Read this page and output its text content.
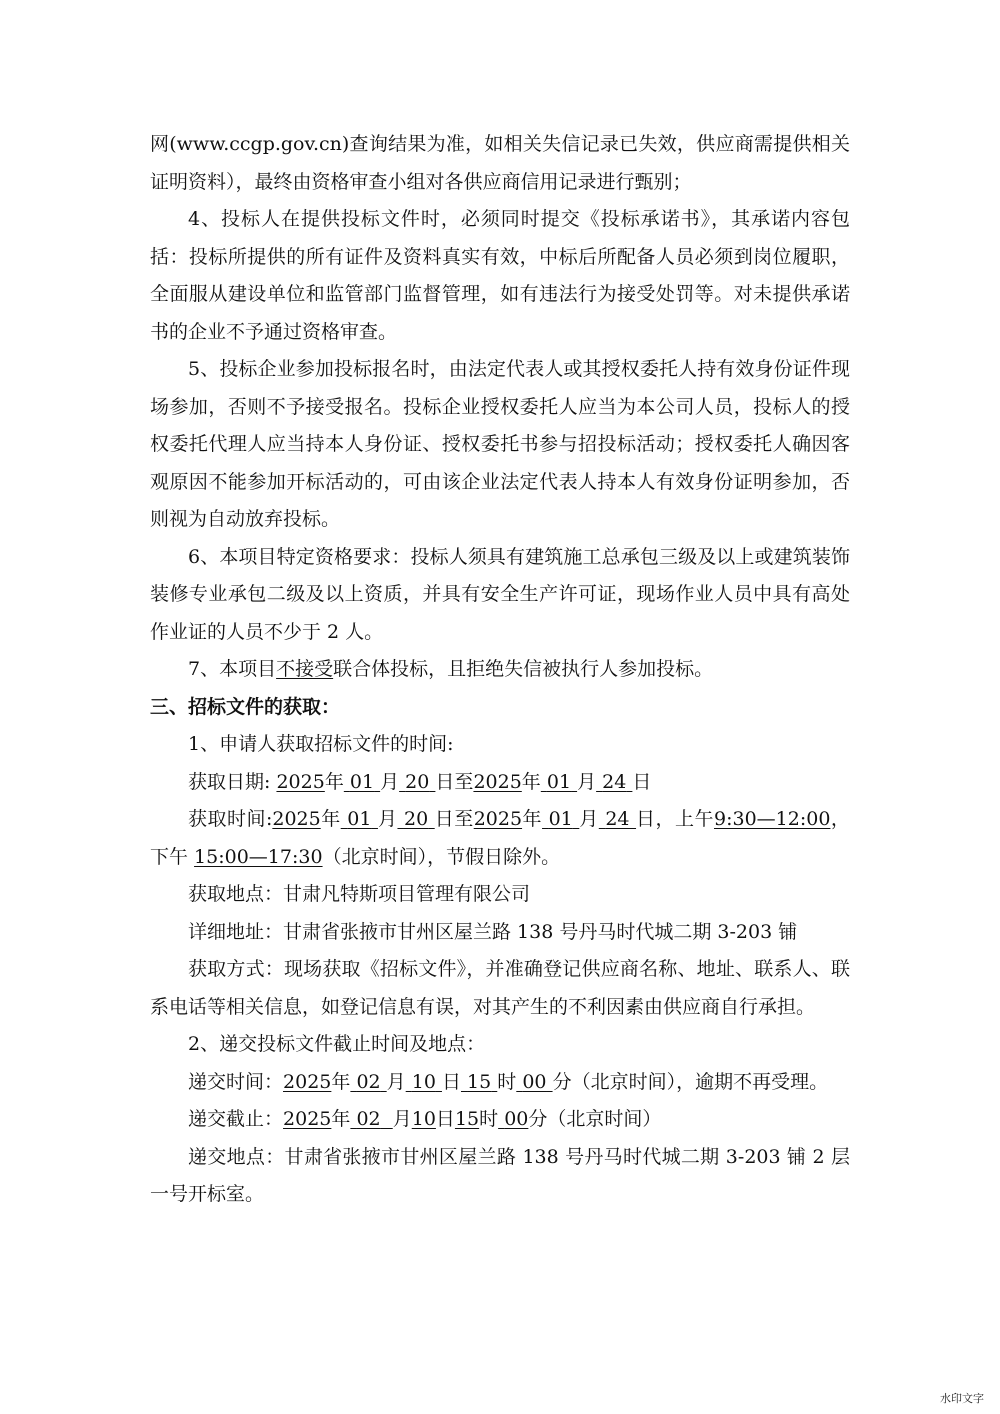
网(www.ccgp.gov.cn)查询结果为准，如相关失信记录已失效，供应商需提供相关证明资料），最终由资格审查小组对各供应商信用记录进行甄别；

4、投标人在提供投标文件时，必须同时提交《投标承诺书》，其承诺内容包括：投标所提供的所有证件及资料真实有效，中标后所配备人员必须到岗位履职，全面服从建设单位和监管部门监督管理，如有违法行为接受处罚等。对未提供承诺书的企业不予通过资格审查。

5、投标企业参加投标报名时，由法定代表人或其授权委托人持有效身份证件现场参加，否则不予接受报名。投标企业授权委托人应当为本公司人员，投标人的授权委托代理人应当持本人身份证、授权委托书参与招投标活动；授权委托人确因客观原因不能参加开标活动的，可由该企业法定代表人持本人有效身份证明参加，否则视为自动放弃投标。

6、本项目特定资格要求：投标人须具有建筑施工总承包三级及以上或建筑装饰装修专业承包二级及以上资质，并具有安全生产许可证，现场作业人员中具有高处作业证的人员不少于 2 人。

7、本项目不接受联合体投标，且拒绝失信被执行人参加投标。

三、招标文件的获取：

1、申请人获取招标文件的时间:

获取日期: 2025年 01 月 20 日至2025年 01 月 24 日

获取时间:2025年 01 月 20 日至2025年 01 月 24 日，上午9:30—12:00，下午 15:00—17:30（北京时间），节假日除外。

获取地点：甘肃凡特斯项目管理有限公司

详细地址：甘肃省张掖市甘州区屋兰路 138 号丹马时代城二期 3-203 铺

获取方式：现场获取《招标文件》，并准确登记供应商名称、地址、联系人、联系电话等相关信息，如登记信息有误，对其产生的不利因素由供应商自行承担。

2、递交投标文件截止时间及地点：

递交时间：2025年 02 月 10 日 15 时 00 分（北京时间），逾期不再受理。

递交截止：2025年 02 月10日15时 00分（北京时间）

递交地点：甘肃省张掖市甘州区屋兰路 138 号丹马时代城二期 3-203 铺 2 层一号开标室。

水印文字
